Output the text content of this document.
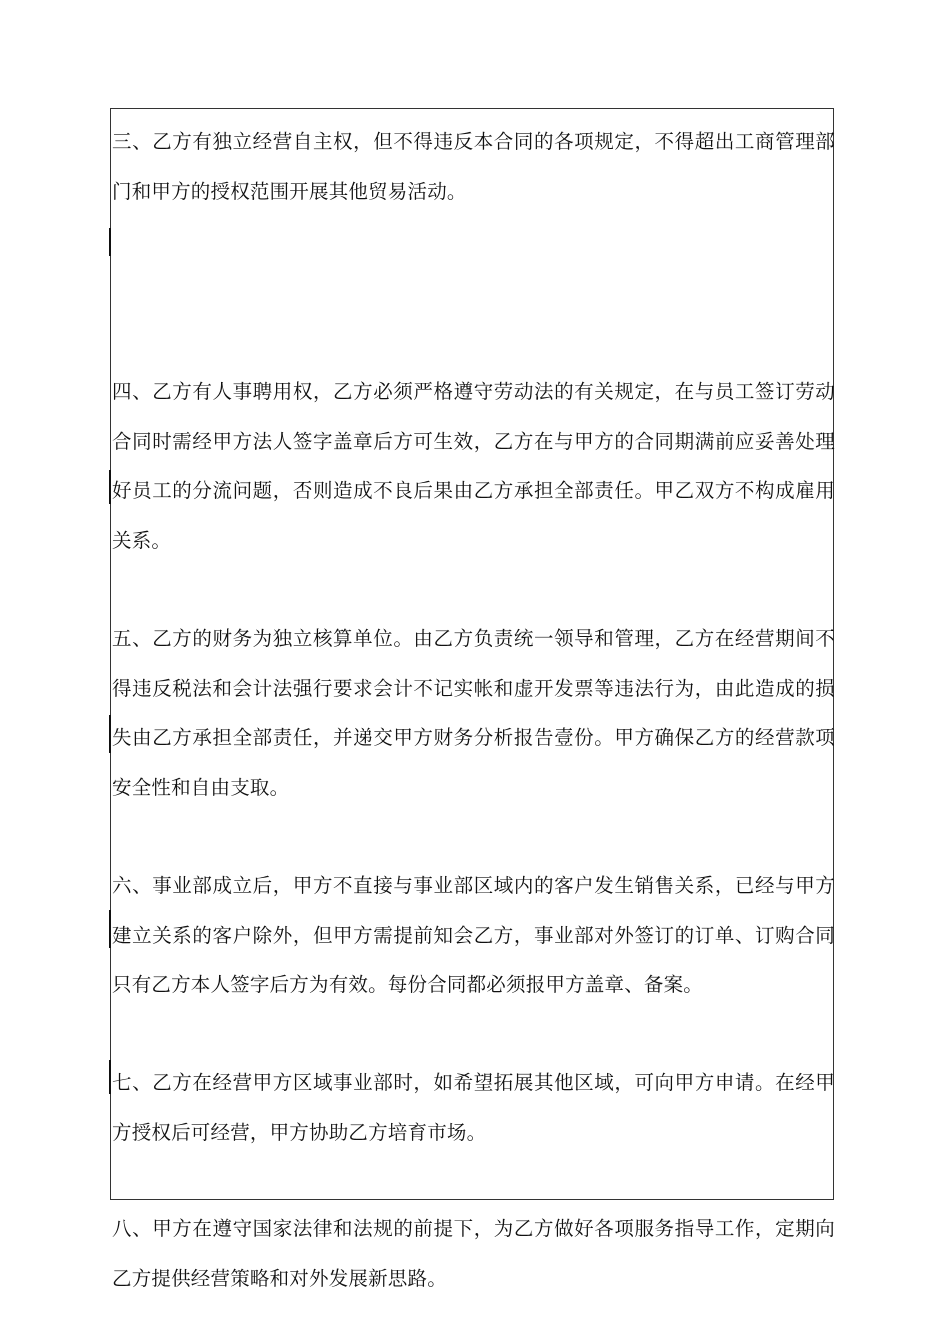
三、乙方有独立经营自主权，但不得违反本合同的各项规定，不得超出工商管理部门和甲方的授权范围开展其他贸易活动。

四、乙方有人事聘用权，乙方必须严格遵守劳动法的有关规定，在与员工签订劳动合同时需经甲方法人签字盖章后方可生效，乙方在与甲方的合同期满前应妥善处理好员工的分流问题，否则造成不良后果由乙方承担全部责任。甲乙双方不构成雇用关系。

五、乙方的财务为独立核算单位。由乙方负责统一领导和管理，乙方在经营期间不得违反税法和会计法强行要求会计不记实帐和虚开发票等违法行为，由此造成的损失由乙方承担全部责任，并递交甲方财务分析报告壹份。甲方确保乙方的经营款项安全性和自由支取。

六、事业部成立后，甲方不直接与事业部区域内的客户发生销售关系，已经与甲方建立关系的客户除外，但甲方需提前知会乙方，事业部对外签订的订单、订购合同只有乙方本人签字后方为有效。每份合同都必须报甲方盖章、备案。

七、乙方在经营甲方区域事业部时，如希望拓展其他区域，可向甲方申请。在经甲方授权后可经营，甲方协助乙方培育市场。

八、甲方在遵守国家法律和法规的前提下，为乙方做好各项服务指导工作，定期向乙方提供经营策略和对外发展新思路。
